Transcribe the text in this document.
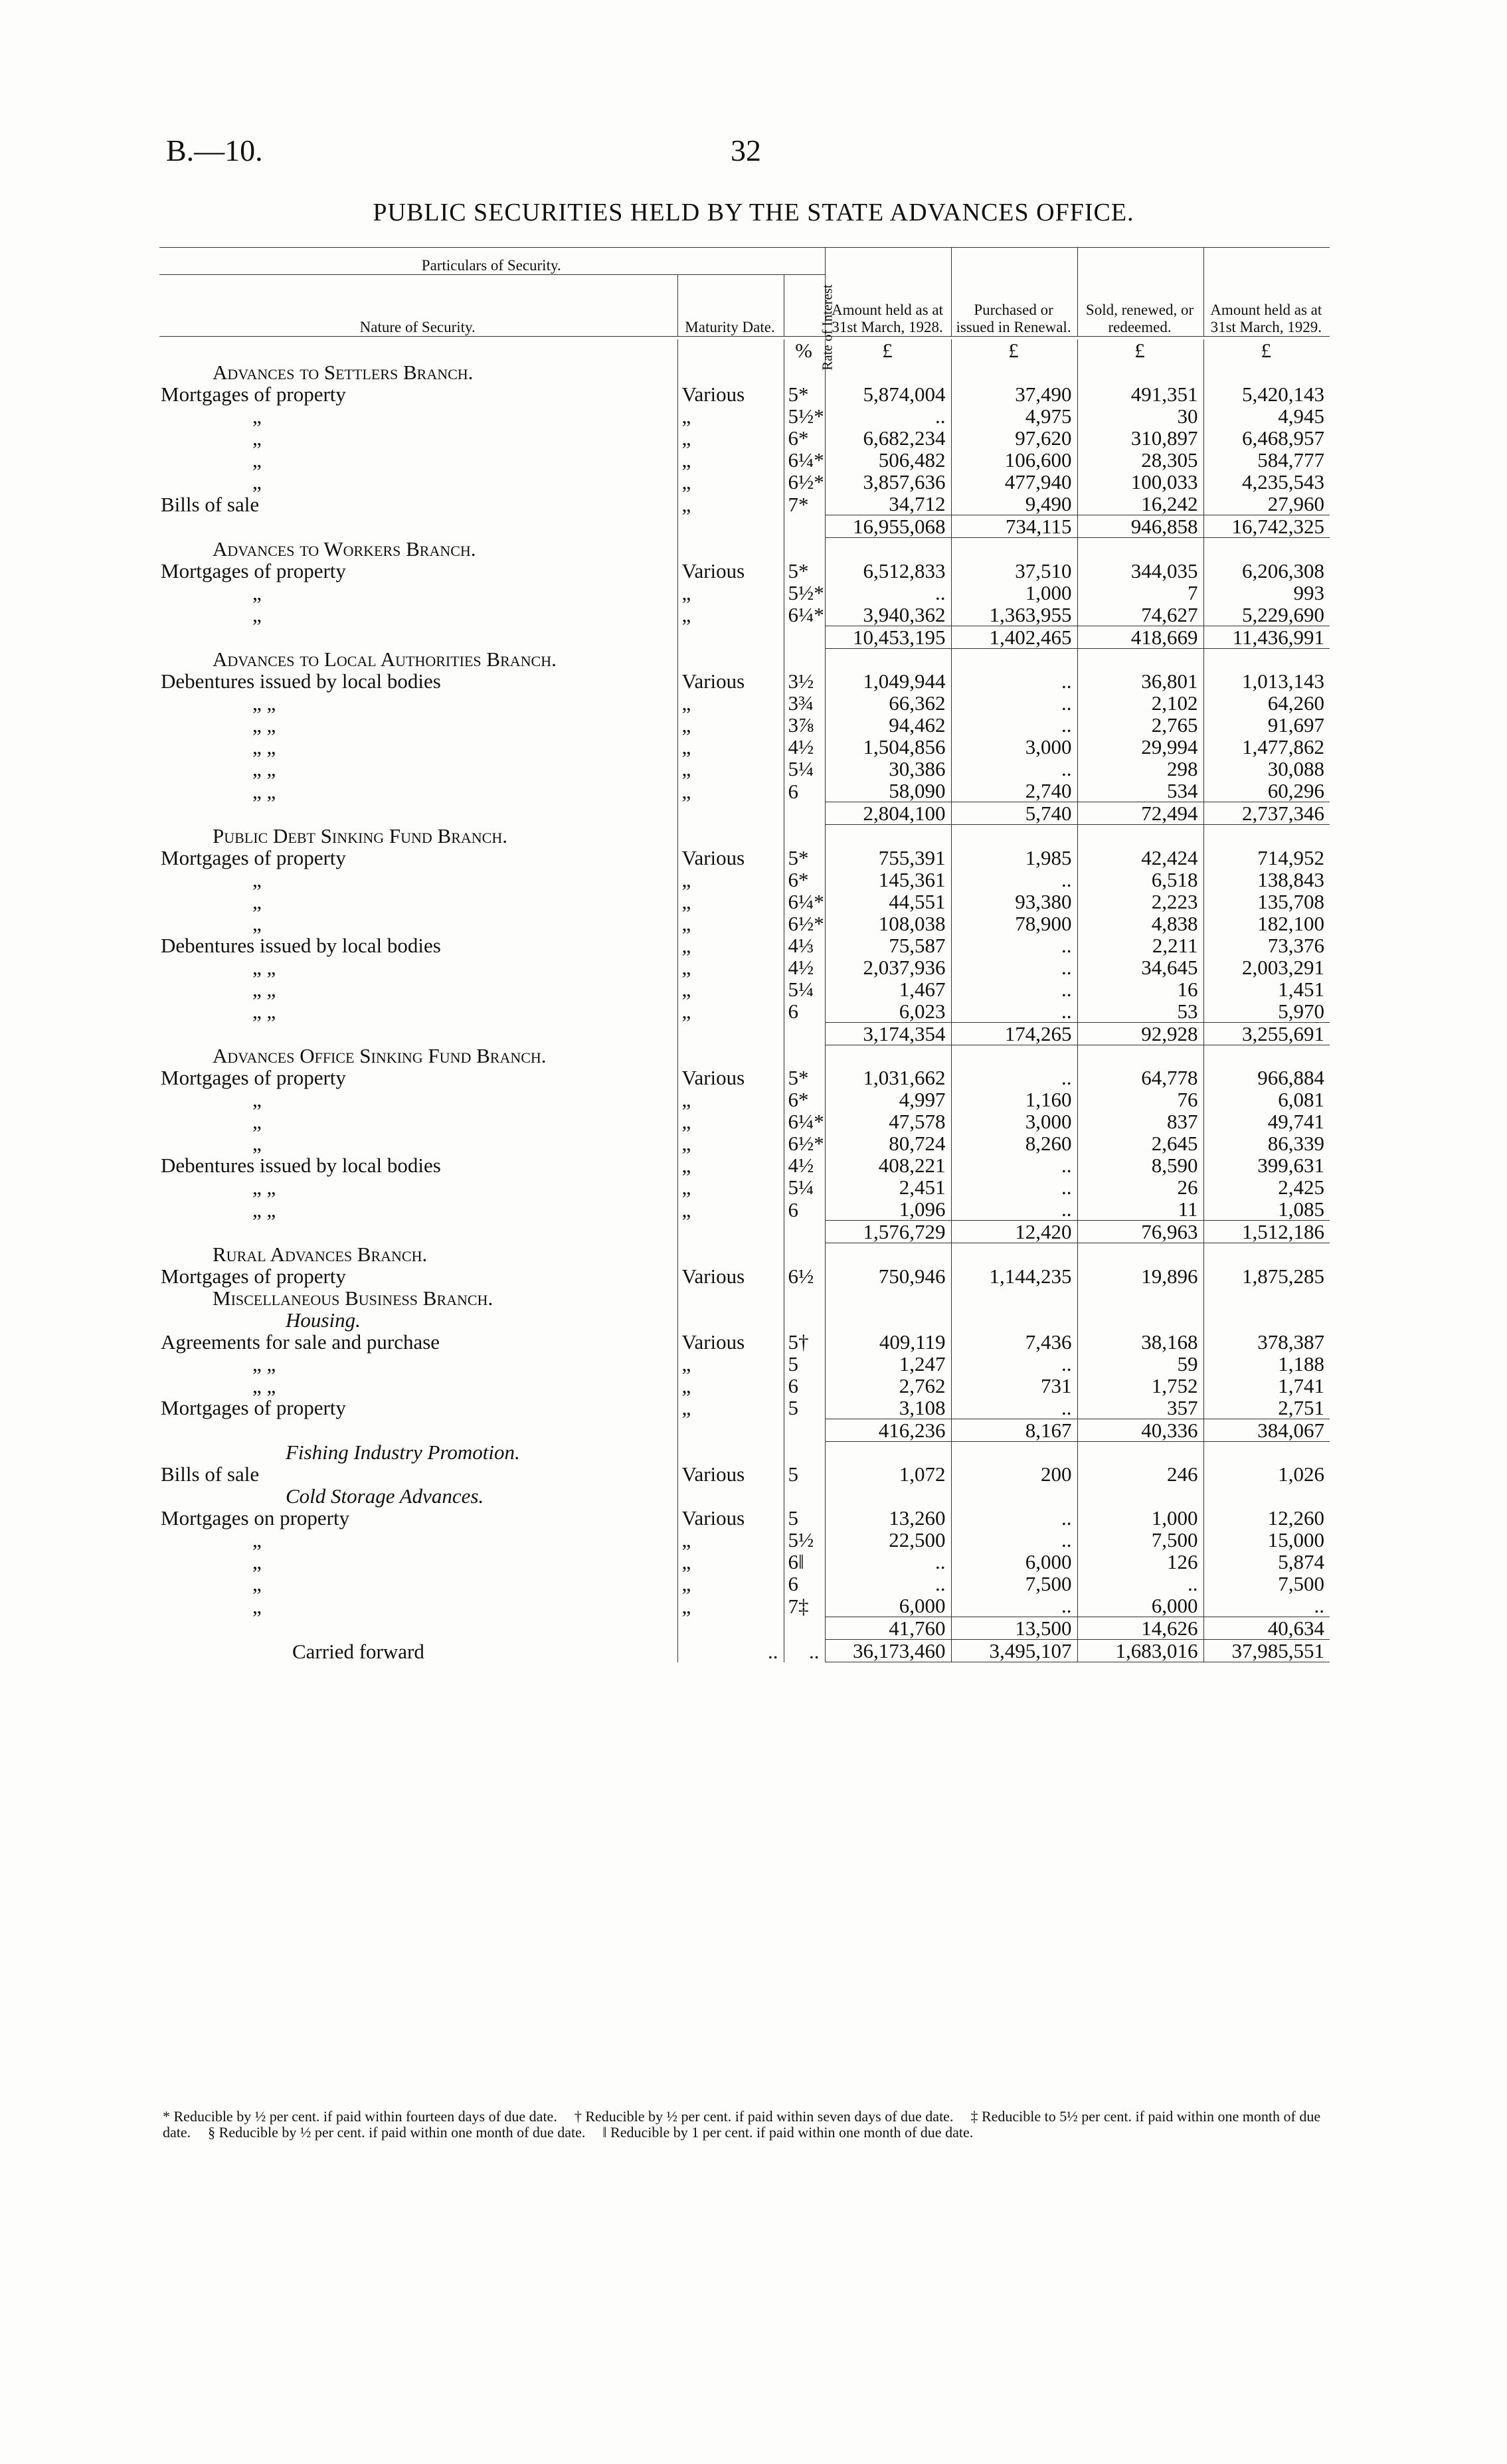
B.—10.	32
PUBLIC SECURITIES HELD BY THE STATE ADVANCES OFFICE.
Particulars of Security.			Amount held as at 31st March, 1928.	Purchased or issued in Renewal.	Sold, renewed, or redeemed.	Amount held as at 31st March, 1929.
Nature of Security.	Maturity Date.	Rate of Interest				

		%	£	£	£	£
Advances to Settlers Branch.						
Mortgages of property	Various	5*	5,874,004	37,490	491,351	5,420,143
„	„	5½*	..	4,975	30	4,945
„	„	6*	6,682,234	97,620	310,897	6,468,957
„	„	6¼*	506,482	106,600	28,305	584,777
„	„	6½*	3,857,636	477,940	100,033	4,235,543
Bills of sale	„	7*	34,712	9,490	16,242	27,960
			16,955,068	734,115	946,858	16,742,325
Advances to Workers Branch.						
Mortgages of property	Various	5*	6,512,833	37,510	344,035	6,206,308
„	„	5½*	..	1,000	7	993
„	„	6¼*	3,940,362	1,363,955	74,627	5,229,690
			10,453,195	1,402,465	418,669	11,436,991
Advances to Local Authorities Branch.						
Debentures issued by local bodies	Various	3½	1,049,944	..	36,801	1,013,143
„ „	„	3¾	66,362	..	2,102	64,260
„ „	„	3⅞	94,462	..	2,765	91,697
„ „	„	4½	1,504,856	3,000	29,994	1,477,862
„ „	„	5¼	30,386	..	298	30,088
„ „	„	6	58,090	2,740	534	60,296
			2,804,100	5,740	72,494	2,737,346
Public Debt Sinking Fund Branch.						
Mortgages of property	Various	5*	755,391	1,985	42,424	714,952
„	„	6*	145,361	..	6,518	138,843
„	„	6¼*	44,551	93,380	2,223	135,708
„	„	6½*	108,038	78,900	4,838	182,100
Debentures issued by local bodies	„	4⅓	75,587	..	2,211	73,376
„ „	„	4½	2,037,936	..	34,645	2,003,291
„ „	„	5¼	1,467	..	16	1,451
„ „	„	6	6,023	..	53	5,970
			3,174,354	174,265	92,928	3,255,691
Advances Office Sinking Fund Branch.						
Mortgages of property	Various	5*	1,031,662	..	64,778	966,884
„	„	6*	4,997	1,160	76	6,081
„	„	6¼*	47,578	3,000	837	49,741
„	„	6½*	80,724	8,260	2,645	86,339
Debentures issued by local bodies	„	4½	408,221	..	8,590	399,631
„ „	„	5¼	2,451	..	26	2,425
„ „	„	6	1,096	..	11	1,085
			1,576,729	12,420	76,963	1,512,186
Rural Advances Branch.						
Mortgages of property	Various	6½	750,946	1,144,235	19,896	1,875,285
Miscellaneous Business Branch.						
Housing.						
Agreements for sale and purchase	Various	5†	409,119	7,436	38,168	378,387
„ „	„	5	1,247	..	59	1,188
„ „	„	6	2,762	731	1,752	1,741
Mortgages of property	„	5	3,108	..	357	2,751
			416,236	8,167	40,336	384,067
Fishing Industry Promotion.						
Bills of sale	Various	5	1,072	200	246	1,026
Cold Storage Advances.						
Mortgages on property	Various	5	13,260	..	1,000	12,260
„	„	5½	22,500	..	7,500	15,000
„	„	6‖	..	6,000	126	5,874
„	„	6	..	7,500	..	7,500
„	„	7‡	6,000	..	6,000	..
			41,760	13,500	14,626	40,634
Carried forward	..	..	36,173,460	3,495,107	1,683,016	37,985,551
* Reducible by ½ per cent. if paid within fourteen days of due date. † Reducible by ½ per cent. if paid within seven days of due date. ‡ Reducible to 5½ per cent. if paid within one month of due date. § Reducible by ½ per cent. if paid within one month of due date. ‖ Reducible by 1 per cent. if paid within one month of due date.
